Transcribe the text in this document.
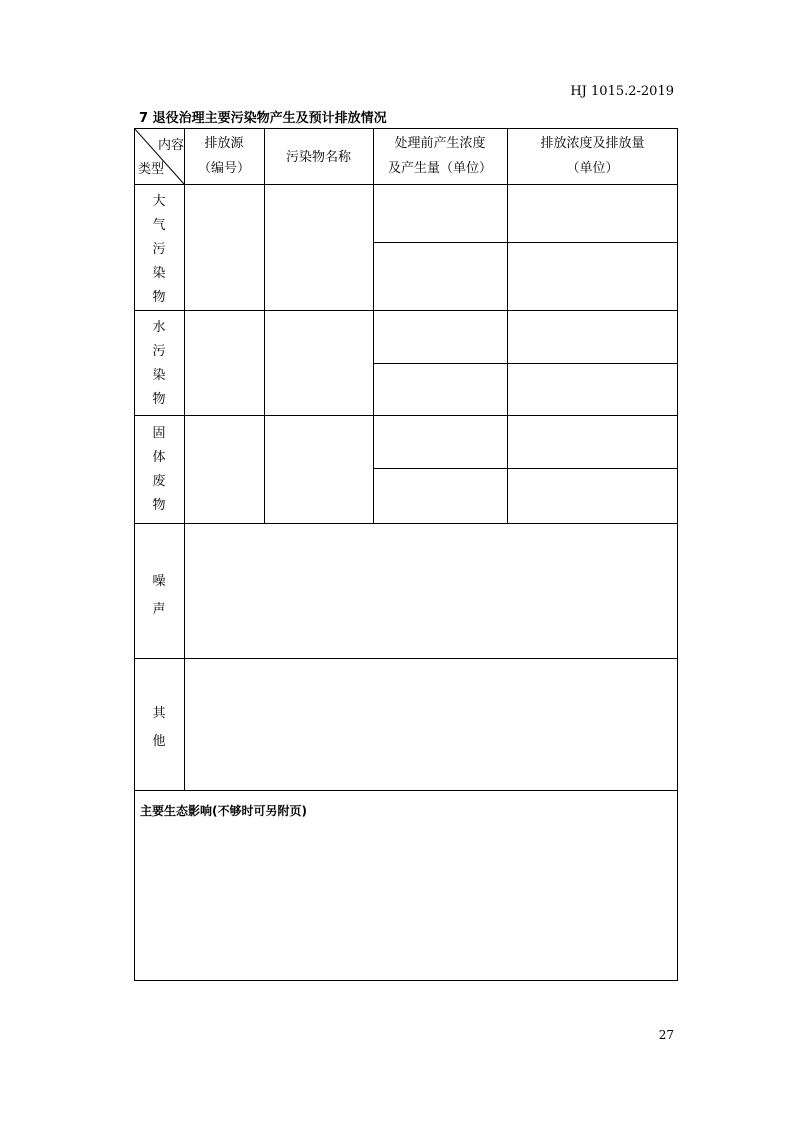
HJ 1015.2-2019
7 退役治理主要污染物产生及预计排放情况
内容
类型
排放源
（编号）
污染物名称
处理前产生浓度
及产生量（单位）
排放浓度及排放量
（单位）
大
气
污
染
物
水
污
染
物
固
体
废
物
噪
声
其
他
主要生态影响(不够时可另附页)
27
